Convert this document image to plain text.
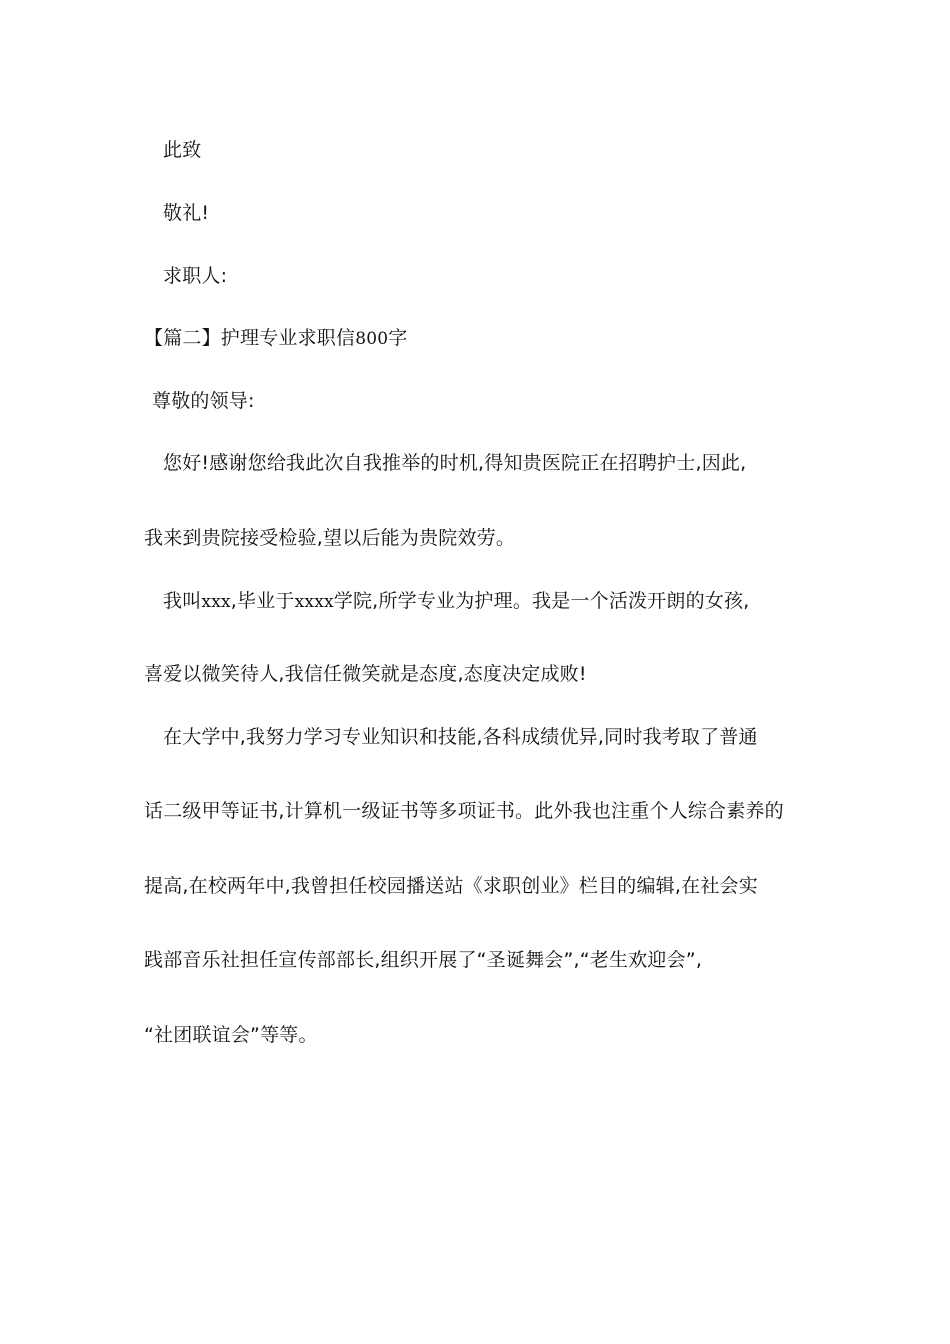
此致
敬礼!
求职人:
【篇二】护理专业求职信800字
尊敬的领导:
您好!感谢您给我此次自我推举的时机,得知贵医院正在招聘护士,因此,
我来到贵院接受检验,望以后能为贵院效劳。
我叫xxx,毕业于xxxx学院,所学专业为护理。我是一个活泼开朗的女孩,
喜爱以微笑待人,我信任微笑就是态度,态度决定成败!
在大学中,我努力学习专业知识和技能,各科成绩优异,同时我考取了普通
话二级甲等证书,计算机一级证书等多项证书。此外我也注重个人综合素养的
提高,在校两年中,我曾担任校园播送站《求职创业》栏目的编辑,在社会实
践部音乐社担任宣传部部长,组织开展了“圣诞舞会”,“老生欢迎会”,
“社团联谊会”等等。
